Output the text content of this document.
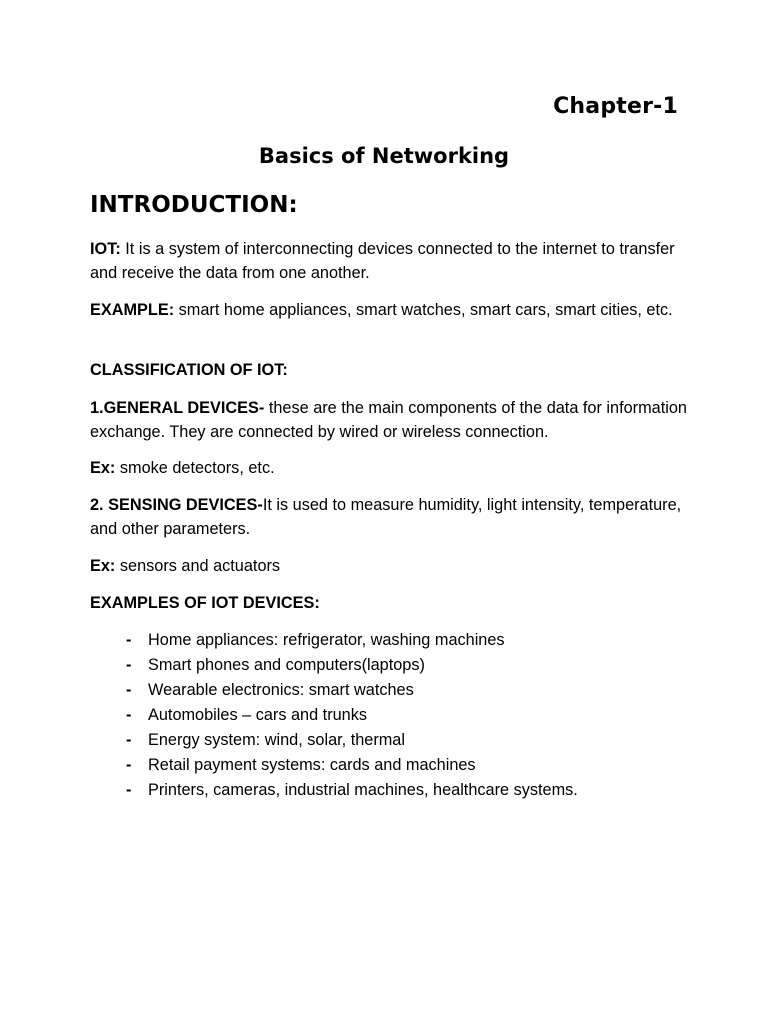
Chapter-1
Basics of Networking
INTRODUCTION:
IOT: It is a system of interconnecting devices connected to the internet to transfer and receive the data from one another.
EXAMPLE: smart home appliances, smart watches, smart cars, smart cities, etc.
CLASSIFICATION OF IOT:
1.GENERAL DEVICES- these are the main components of the data for information exchange. They are connected by wired or wireless connection.
Ex: smoke detectors, etc.
2. SENSING DEVICES-It is used to measure humidity, light intensity, temperature, and other parameters.
Ex: sensors and actuators
EXAMPLES OF IOT DEVICES:
- Home appliances: refrigerator, washing machines
- Smart phones and computers(laptops)
- Wearable electronics: smart watches
- Automobiles – cars and trunks
- Energy system: wind, solar, thermal
- Retail payment systems: cards and machines
- Printers, cameras, industrial machines, healthcare systems.
